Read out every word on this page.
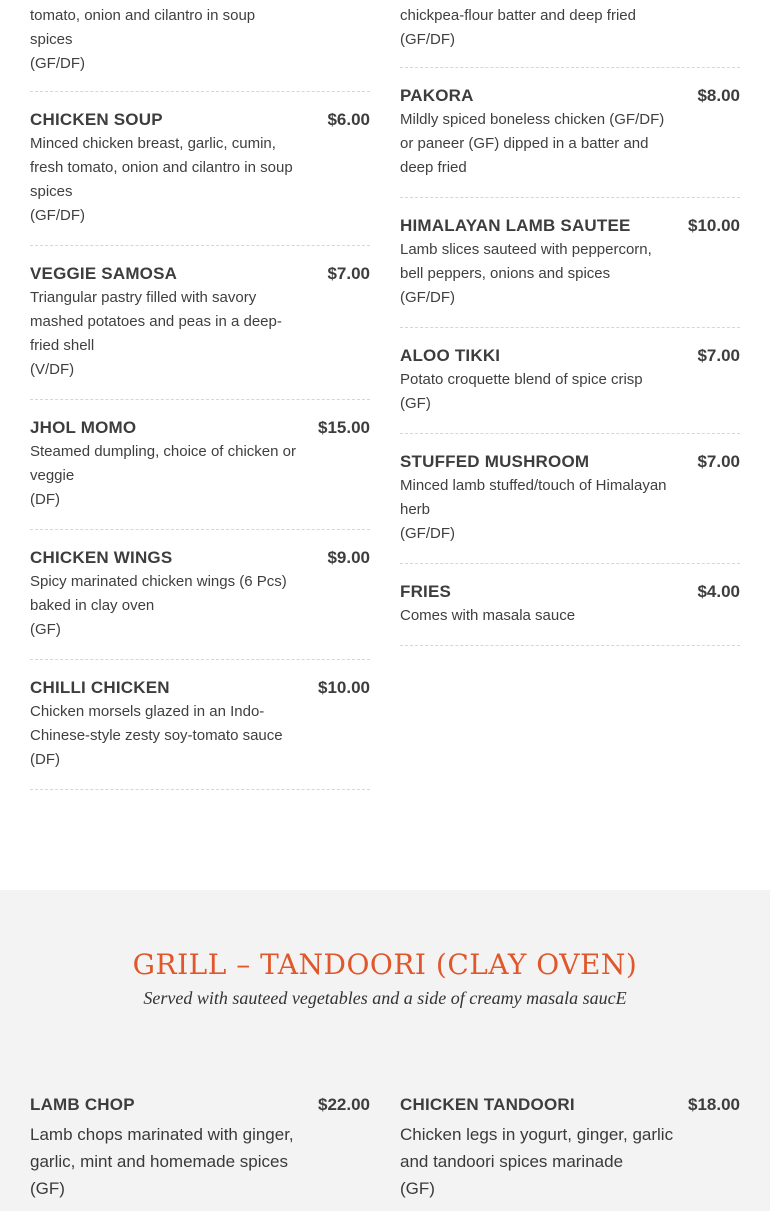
tomato, onion and cilantro in soup spices
(GF/DF)
CHICKEN SOUP	$6.00
Minced chicken breast, garlic, cumin, fresh tomato, onion and cilantro in soup spices
(GF/DF)
VEGGIE SAMOSA	$7.00
Triangular pastry filled with savory mashed potatoes and peas in a deep-fried shell
(V/DF)
JHOL MOMO	$15.00
Steamed dumpling, choice of chicken or veggie
(DF)
CHICKEN WINGS	$9.00
Spicy marinated chicken wings (6 Pcs) baked in clay oven
(GF)
CHILLI CHICKEN	$10.00
Chicken morsels glazed in an Indo-Chinese-style zesty soy-tomato sauce
(DF)
chickpea-flour batter and deep fried
(GF/DF)
PAKORA	$8.00
Mildly spiced boneless chicken (GF/DF) or paneer (GF) dipped in a batter and deep fried
HIMALAYAN LAMB SAUTEE	$10.00
Lamb slices sauteed with peppercorn, bell peppers, onions and spices
(GF/DF)
ALOO TIKKI	$7.00
Potato croquette blend of spice crisp
(GF)
STUFFED MUSHROOM	$7.00
Minced lamb stuffed/touch of Himalayan herb
(GF/DF)
FRIES	$4.00
Comes with masala sauce
GRILL – TANDOORI (CLAY OVEN)
Served with sauteed vegetables and a side of creamy masala saucE
LAMB CHOP	$22.00
Lamb chops marinated with ginger, garlic, mint and homemade spices
(GF)
CHICKEN TANDOORI	$18.00
Chicken legs in yogurt, ginger, garlic and tandoori spices marinade
(GF)
